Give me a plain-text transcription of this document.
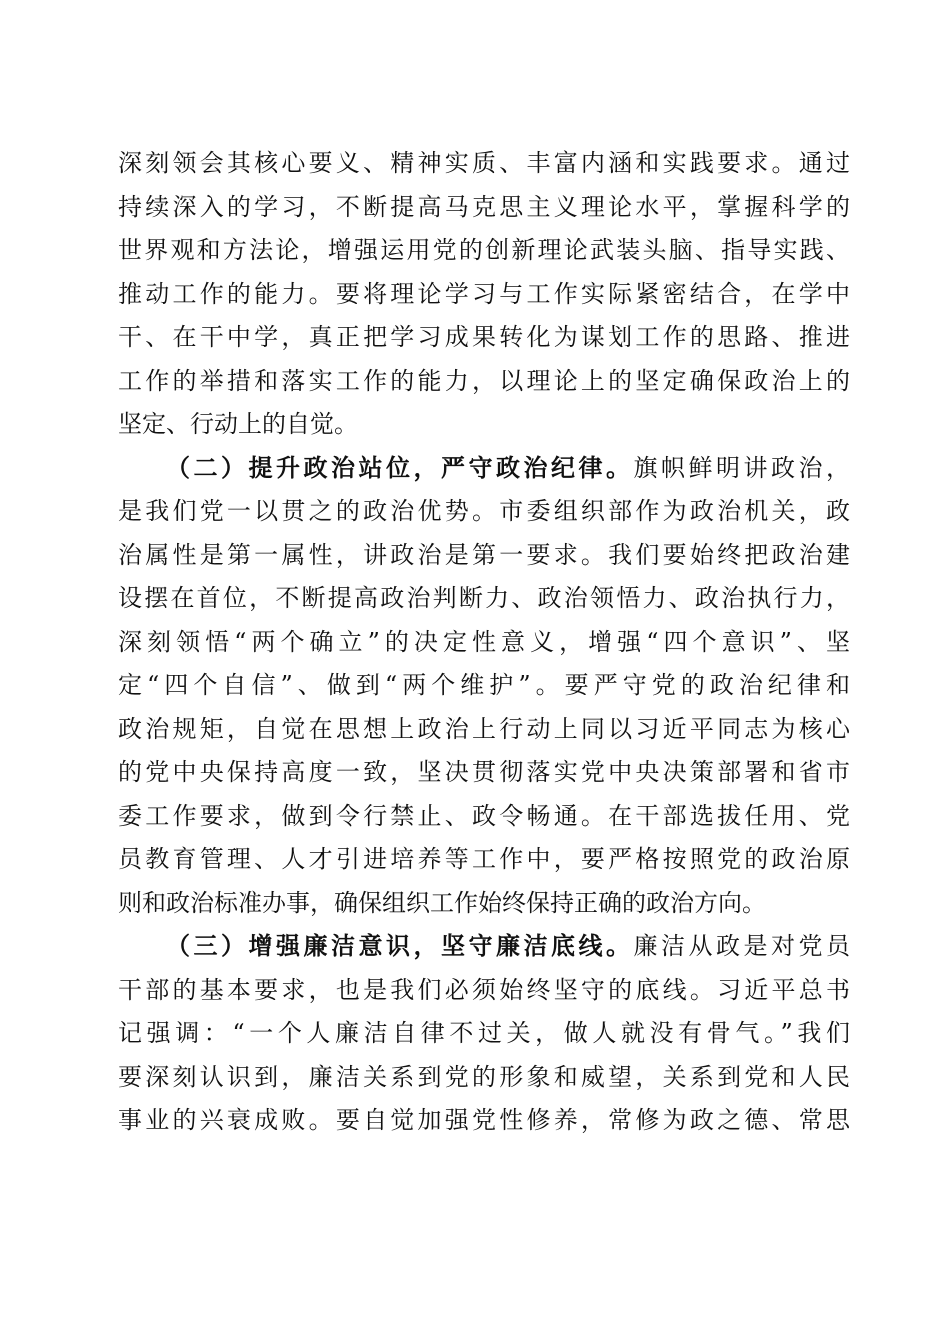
深刻领会其核心要义、精神实质、丰富内涵和实践要求。通过
持续深入的学习，不断提高马克思主义理论水平，掌握科学的
世界观和方法论，增强运用党的创新理论武装头脑、指导实践、
推动工作的能力。要将理论学习与工作实际紧密结合，在学中
干、在干中学，真正把学习成果转化为谋划工作的思路、推进
工作的举措和落实工作的能力，以理论上的坚定确保政治上的
坚定、行动上的自觉。
（二）提升政治站位，严守政治纪律。旗帜鲜明讲政治，
是我们党一以贯之的政治优势。市委组织部作为政治机关，政
治属性是第一属性，讲政治是第一要求。我们要始终把政治建
设摆在首位，不断提高政治判断力、政治领悟力、政治执行力，
深刻领悟“两个确立”的决定性意义，增强“四个意识”、坚
定“四个自信”、做到“两个维护”。要严守党的政治纪律和
政治规矩，自觉在思想上政治上行动上同以习近平同志为核心
的党中央保持高度一致，坚决贯彻落实党中央决策部署和省市
委工作要求，做到令行禁止、政令畅通。在干部选拔任用、党
员教育管理、人才引进培养等工作中，要严格按照党的政治原
则和政治标准办事，确保组织工作始终保持正确的政治方向。
（三）增强廉洁意识，坚守廉洁底线。廉洁从政是对党员
干部的基本要求，也是我们必须始终坚守的底线。习近平总书
记强调：“一个人廉洁自律不过关，做人就没有骨气。”我们
要深刻认识到，廉洁关系到党的形象和威望，关系到党和人民
事业的兴衰成败。要自觉加强党性修养，常修为政之德、常思
